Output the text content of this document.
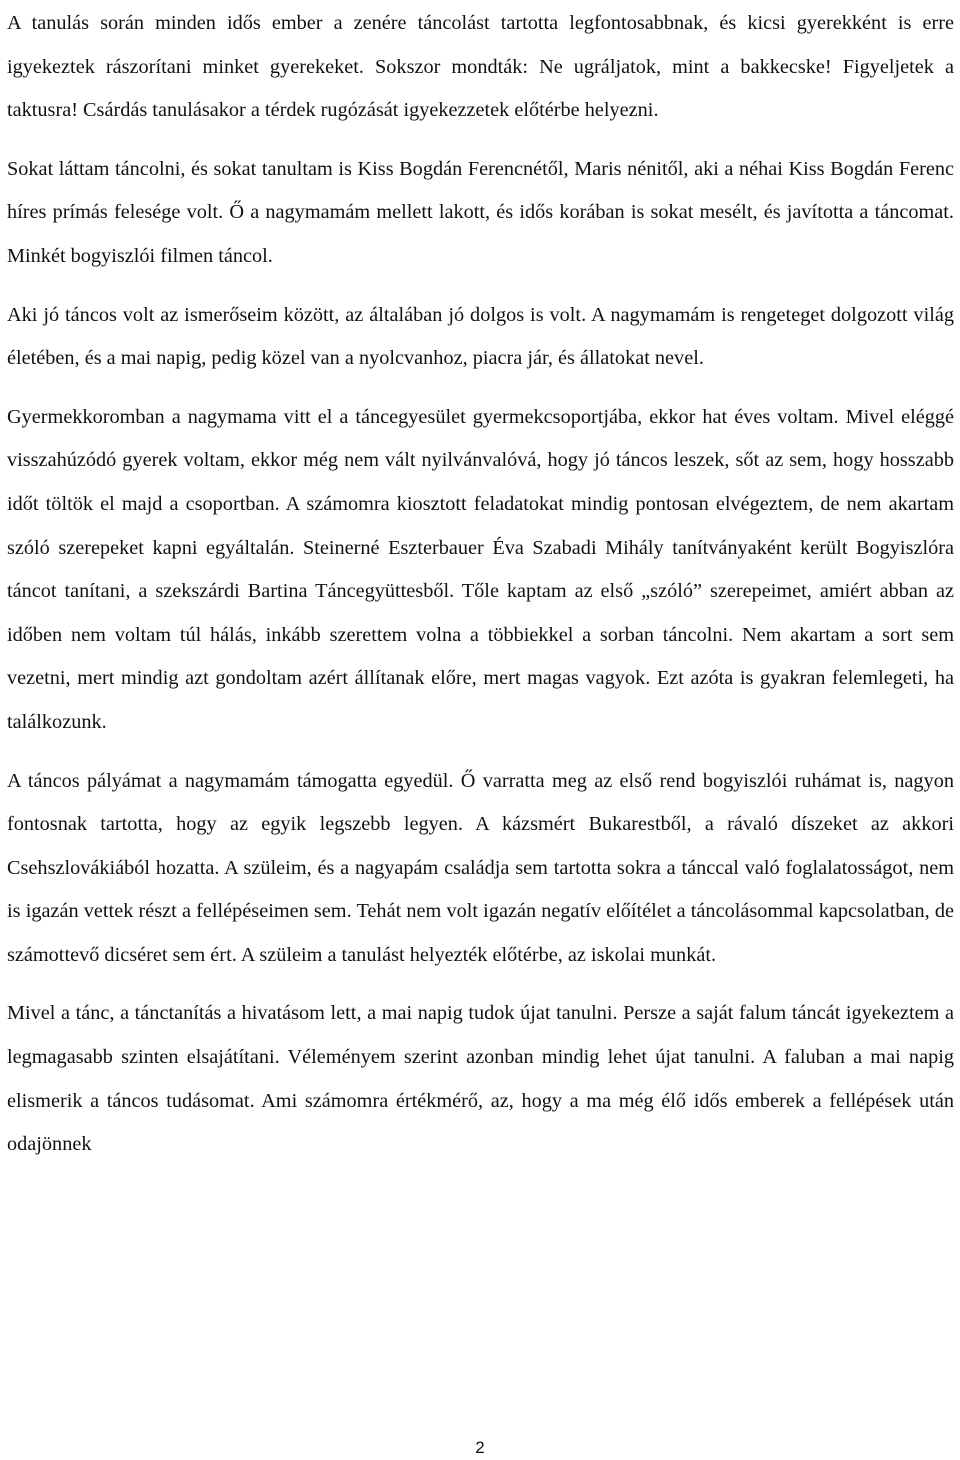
A tanulás során minden idős ember a zenére táncolást tartotta legfontosabbnak, és kicsi gyerekként is erre igyekeztek rászorítani minket gyerekeket. Sokszor mondták: Ne ugráljatok, mint a bakkecske! Figyeljetek a taktusra! Csárdás tanulásakor a térdek rugózását igyekezzetek előtérbe helyezni.

Sokat láttam táncolni, és sokat tanultam is Kiss Bogdán Ferencnétől, Maris nénitől, aki a néhai Kiss Bogdán Ferenc híres prímás felesége volt. Ő a nagymamám mellett lakott, és idős korában is sokat mesélt, és javította a táncomat. Minkét bogyiszlói filmen táncol.

Aki jó táncos volt az ismerőseim között, az általában jó dolgos is volt. A nagymamám is rengeteget dolgozott világ életében, és a mai napig, pedig közel van a nyolcvanhoz, piacra jár, és állatokat nevel.

Gyermekkoromban a nagymama vitt el a táncegyesület gyermekcsoportjába, ekkor hat éves voltam. Mivel eléggé visszahúzódó gyerek voltam, ekkor még nem vált nyilvánvalóvá, hogy jó táncos leszek, sőt az sem, hogy hosszabb időt töltök el majd a csoportban. A számomra kiosztott feladatokat mindig pontosan elvégeztem, de nem akartam szóló szerepeket kapni egyáltalán. Steinerné Eszterbauer Éva Szabadi Mihály tanítványaként került Bogyiszlóra táncot tanítani, a szekszárdi Bartina Táncegyüttesből. Tőle kaptam az első „szóló” szerepeimet, amiért abban az időben nem voltam túl hálás, inkább szerettem volna a többiekkel a sorban táncolni. Nem akartam a sort sem vezetni, mert mindig azt gondoltam azért állítanak előre, mert magas vagyok. Ezt azóta is gyakran felemlegeti, ha találkozunk.

A táncos pályámat a nagymamám támogatta egyedül. Ő varratta meg az első rend bogyiszlói ruhámat is, nagyon fontosnak tartotta, hogy az egyik legszebb legyen. A kázsmért Bukarestből, a rávaló díszeket az akkori Csehszlovákiából hozatta. A szüleim, és a nagyapám családja sem tartotta sokra a tánccal való foglalatosságot, nem is igazán vettek részt a fellépéseimen sem. Tehát nem volt igazán negatív előítélet a táncolásommal kapcsolatban, de számottevő dicséret sem ért. A szüleim a tanulást helyezték előtérbe, az iskolai munkát.

Mivel a tánc, a tánctanítás a hivatásom lett, a mai napig tudok újat tanulni. Persze a saját falum táncát igyekeztem a legmagasabb szinten elsajátítani. Véleményem szerint azonban mindig lehet újat tanulni. A faluban a mai napig elismerik a táncos tudásomat. Ami számomra értékmérő, az, hogy a ma még élő idős emberek a fellépések után odajönnek

2
